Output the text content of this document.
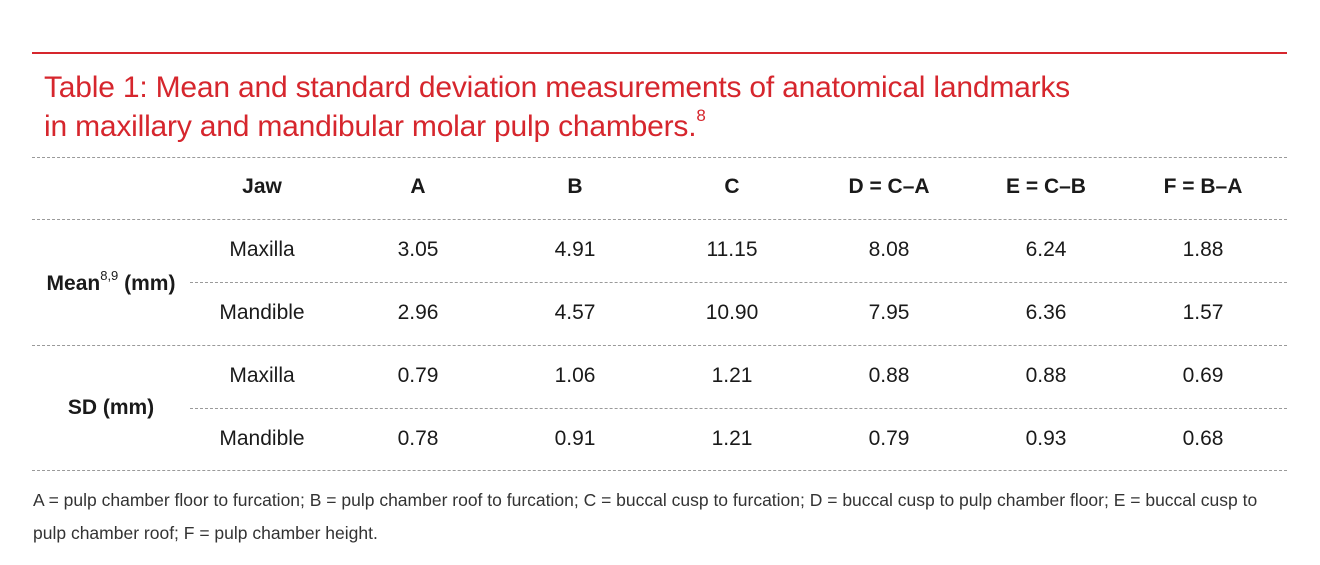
Table 1: Mean and standard deviation measurements of anatomical landmarks
in maxillary and mandibular molar pulp chambers.$^8$
Jaw	A	B	C	D = C–A	E = C–B	F = B–A
Mean$^{8,9}$ (mm)
Maxilla	3.05	4.91	11.15	8.08	6.24	1.88
Mandible	2.96	4.57	10.90	7.95	6.36	1.57
SD (mm)
Maxilla	0.79	1.06	1.21	0.88	0.88	0.69
Mandible	0.78	0.91	1.21	0.79	0.93	0.68
A = pulp chamber floor to furcation; B = pulp chamber roof to furcation; C = buccal cusp to furcation; D = buccal cusp to pulp chamber floor; E = buccal cusp to pulp chamber roof; F = pulp chamber height.
